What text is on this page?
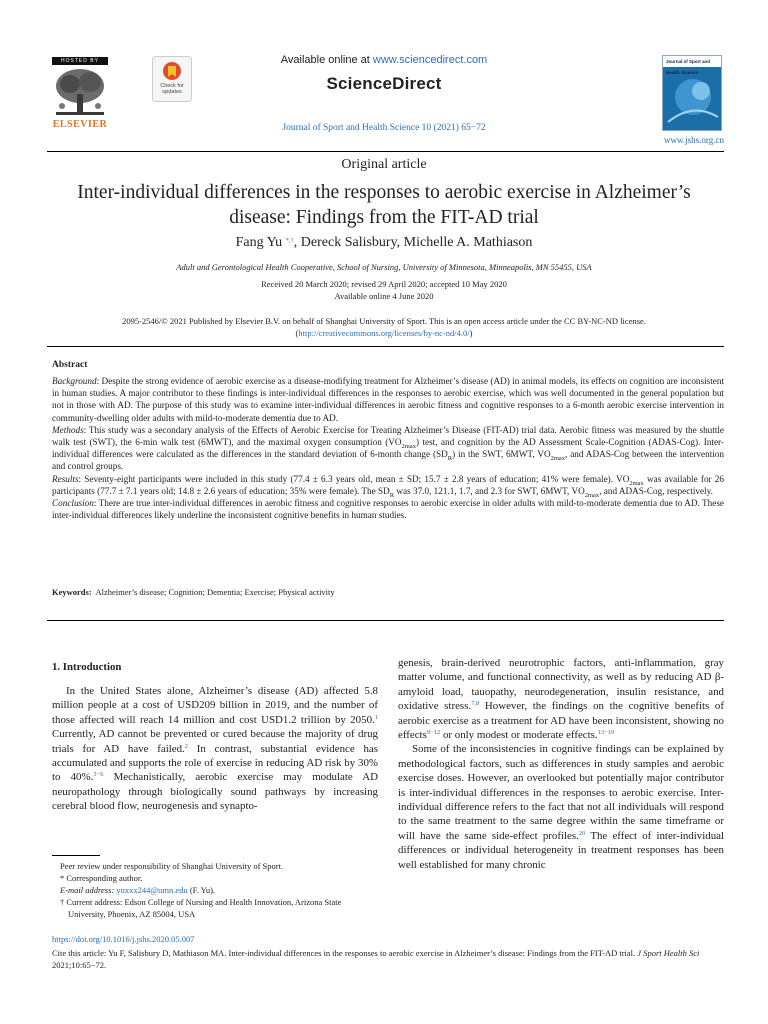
HOSTED BY
ELSEVIER
Check for updates
Available online at www.sciencedirect.com
ScienceDirect
Journal of Sport and Health Science 10 (2021) 65−72
Journal of Sport and Health Science
www.jshs.org.cn
Original article
Inter-individual differences in the responses to aerobic exercise in Alzheimer’s disease: Findings from the FIT-AD trial
Fang Yu *,†, Dereck Salisbury, Michelle A. Mathiason
Adult and Gerontological Health Cooperative, School of Nursing, University of Minnesota, Minneapolis, MN 55455, USA
Received 20 March 2020; revised 29 April 2020; accepted 10 May 2020
Available online 4 June 2020
2095-2546/© 2021 Published by Elsevier B.V. on behalf of Shanghai University of Sport. This is an open access article under the CC BY-NC-ND license.
(http://creativecommons.org/licenses/by-nc-nd/4.0/)
Abstract

Background: Despite the strong evidence of aerobic exercise as a disease-modifying treatment for Alzheimer’s disease (AD) in animal models, its effects on cognition are inconsistent in human studies. A major contributor to these findings is inter-individual differences in the responses to aerobic exercise, which was well documented in the general population but not in those with AD. The purpose of this study was to examine inter-individual differences in aerobic fitness and cognitive responses to a 6-month aerobic exercise intervention in community-dwelling older adults with mild-to-moderate dementia due to AD.

Methods: This study was a secondary analysis of the Effects of Aerobic Exercise for Treating Alzheimer’s Disease (FIT-AD) trial data. Aerobic fitness was measured by the shuttle walk test (SWT), the 6-min walk test (6MWT), and the maximal oxygen consumption $(VO_{2max})$ test, and cognition by the AD Assessment Scale-Cognition (ADAS-Cog). Inter-individual differences were calculated as the differences in the standard deviation of 6-month change $(SD_R)$ in the SWT, 6MWT, $VO_{2max}$, and ADAS-Cog between the intervention and control groups.

Results: Seventy-eight participants were included in this study (77.4 ± 6.3 years old, mean ± SD; 15.7 ± 2.8 years of education; 41% were female). $VO_{2max}$ was available for 26 participants (77.7 ± 7.1 years old; 14.8 ± 2.6 years of education; 35% were female). The $SD_R$ was 37.0, 121.1, 1.7, and 2.3 for SWT, 6MWT, $VO_{2max}$, and ADAS-Cog, respectively.

Conclusion: There are true inter-individual differences in aerobic fitness and cognitive responses to aerobic exercise in older adults with mild-to-moderate dementia due to AD. These inter-individual differences likely underline the inconsistent cognitive benefits in human studies.

Keywords: Alzheimer’s disease; Cognition; Dementia; Exercise; Physical activity
1. Introduction

In the United States alone, Alzheimer’s disease (AD) affected 5.8 million people at a cost of USD209 billion in 2019, and the number of those affected will reach 14 million and cost USD1.2 trillion by 2050.$^1$ Currently, AD cannot be prevented or cured because the majority of drug trials for AD have failed.$^2$ In contrast, substantial evidence has accumulated and supports the role of exercise in reducing AD risk by 30% to 40%.$^{3-6}$ Mechanistically, aerobic exercise may modulate AD neuropathology through biologically sound pathways by increasing cerebral blood flow, neurogenesis and synapto-

genesis, brain-derived neurotrophic factors, anti-inflammation, gray matter volume, and functional connectivity, as well as by reducing AD β-amyloid load, tauopathy, neurodegeneration, insulin resistance, and oxidative stress.$^{7,8}$ However, the findings on the cognitive benefits of aerobic exercise as a treatment for AD have been inconsistent, showing no effects$^{9-12}$ or only modest or moderate effects.$^{13-19}$

Some of the inconsistencies in cognitive findings can be explained by methodological factors, such as differences in study samples and aerobic exercise doses. However, an overlooked but potentially major contributor is inter-individual differences in the responses to aerobic exercise. Inter-individual difference refers to the fact that not all individuals will respond to the same treatment to the same degree within the same timeframe or will have the same side-effect profiles.$^{20}$ The effect of inter-individual differences or individual heterogeneity in treatment responses has been well established for many chronic

Peer review under responsibility of Shanghai University of Sport.
* Corresponding author.
E-mail address: yuxxx244@umn.edu (F. Yu).
† Current address: Edson College of Nursing and Health Innovation, Arizona State University, Phoenix, AZ 85004, USA
https://doi.org/10.1016/j.jshs.2020.05.007
Cite this article: Yu F, Salisbury D, Mathiason MA. Inter-individual differences in the responses to aerobic exercise in Alzheimer’s disease: Findings from the FIT-AD trial. J Sport Health Sci 2021;10:65−72.
